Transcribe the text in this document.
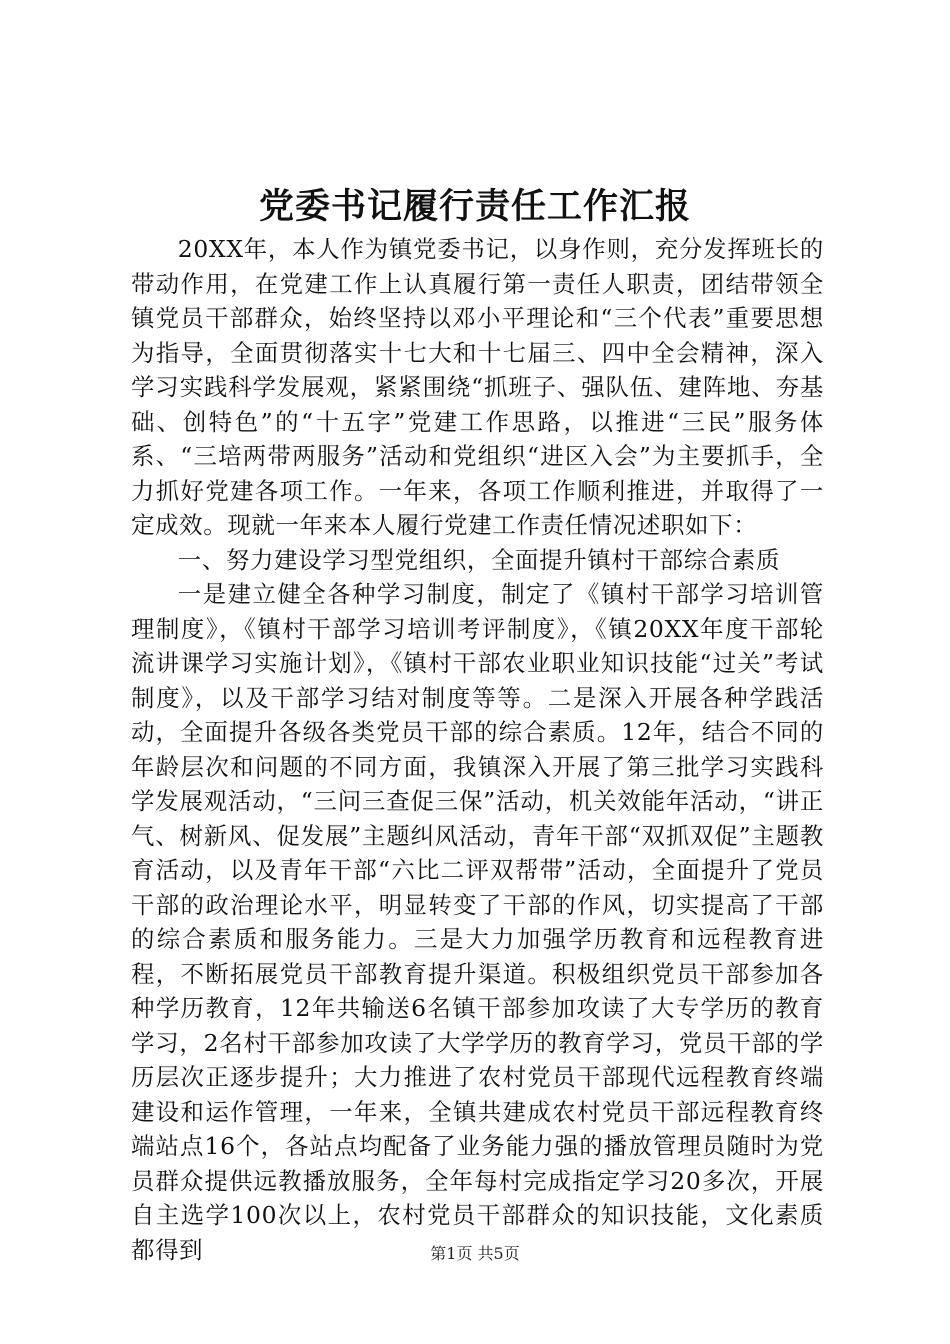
党委书记履行责任工作汇报

20XX年，本人作为镇党委书记，以身作则，充分发挥班长的带动作用，在党建工作上认真履行第一责任人职责，团结带领全镇党员干部群众，始终坚持以邓小平理论和“三个代表”重要思想为指导，全面贯彻落实十七大和十七届三、四中全会精神，深入学习实践科学发展观，紧紧围绕“抓班子、强队伍、建阵地、夯基础、创特色”的“十五字”党建工作思路，以推进“三民”服务体系、“三培两带两服务”活动和党组织“进区入会”为主要抓手，全力抓好党建各项工作。一年来，各项工作顺利推进，并取得了一定成效。现就一年来本人履行党建工作责任情况述职如下：

一、努力建设学习型党组织，全面提升镇村干部综合素质

一是建立健全各种学习制度，制定了《镇村干部学习培训管理制度》，《镇村干部学习培训考评制度》，《镇20XX年度干部轮流讲课学习实施计划》，《镇村干部农业职业知识技能“过关”考试制度》，以及干部学习结对制度等等。二是深入开展各种学践活动，全面提升各级各类党员干部的综合素质。12年，结合不同的年龄层次和问题的不同方面，我镇深入开展了第三批学习实践科学发展观活动，“三问三查促三保”活动，机关效能年活动，“讲正气、树新风、促发展”主题纠风活动，青年干部“双抓双促”主题教育活动，以及青年干部“六比二评双帮带”活动，全面提升了党员干部的政治理论水平，明显转变了干部的作风，切实提高了干部的综合素质和服务能力。三是大力加强学历教育和远程教育进程，不断拓展党员干部教育提升渠道。积极组织党员干部参加各种学历教育，12年共输送6名镇干部参加攻读了大专学历的教育学习，2名村干部参加攻读了大学学历的教育学习，党员干部的学历层次正逐步提升；大力推进了农村党员干部现代远程教育终端建设和运作管理，一年来，全镇共建成农村党员干部远程教育终端站点16个，各站点均配备了业务能力强的播放管理员随时为党员群众提供远教播放服务，全年每村完成指定学习20多次，开展自主选学100次以上，农村党员干部群众的知识技能，文化素质都得到	第1页 共5页
